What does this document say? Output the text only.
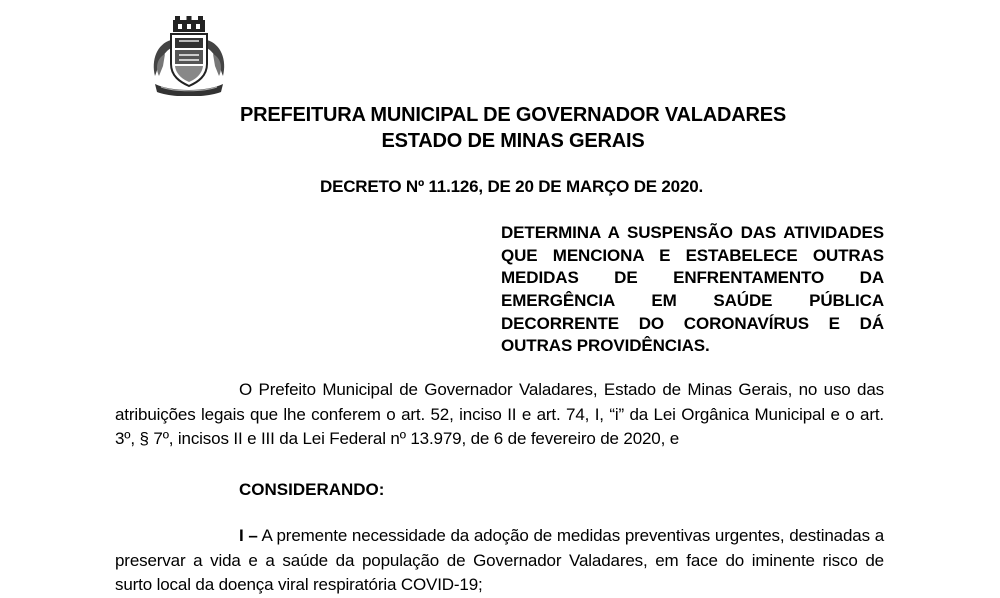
PREFEITURA MUNICIPAL DE GOVERNADOR VALADARES
ESTADO DE MINAS GERAIS
DECRETO Nº 11.126, DE 20 DE MARÇO DE 2020.
DETERMINA A SUSPENSÃO DAS ATIVIDADES
QUE MENCIONA E ESTABELECE OUTRAS
MEDIDAS DE ENFRENTAMENTO DA
EMERGÊNCIA EM SAÚDE PÚBLICA
DECORRENTE DO CORONAVÍRUS E DÁ
OUTRAS PROVIDÊNCIAS.
O Prefeito Municipal de Governador Valadares, Estado de Minas Gerais, no uso das
atribuições legais que lhe conferem o art. 52, inciso II e art. 74, I, “i” da Lei Orgânica Municipal e o art.
3º, § 7º, incisos II e III da Lei Federal nº 13.979, de 6 de fevereiro de 2020, e
CONSIDERANDO:
I – A premente necessidade da adoção de medidas preventivas urgentes, destinadas a
preservar a vida e a saúde da população de Governador Valadares, em face do iminente risco de
surto local da doença viral respiratória COVID-19;
